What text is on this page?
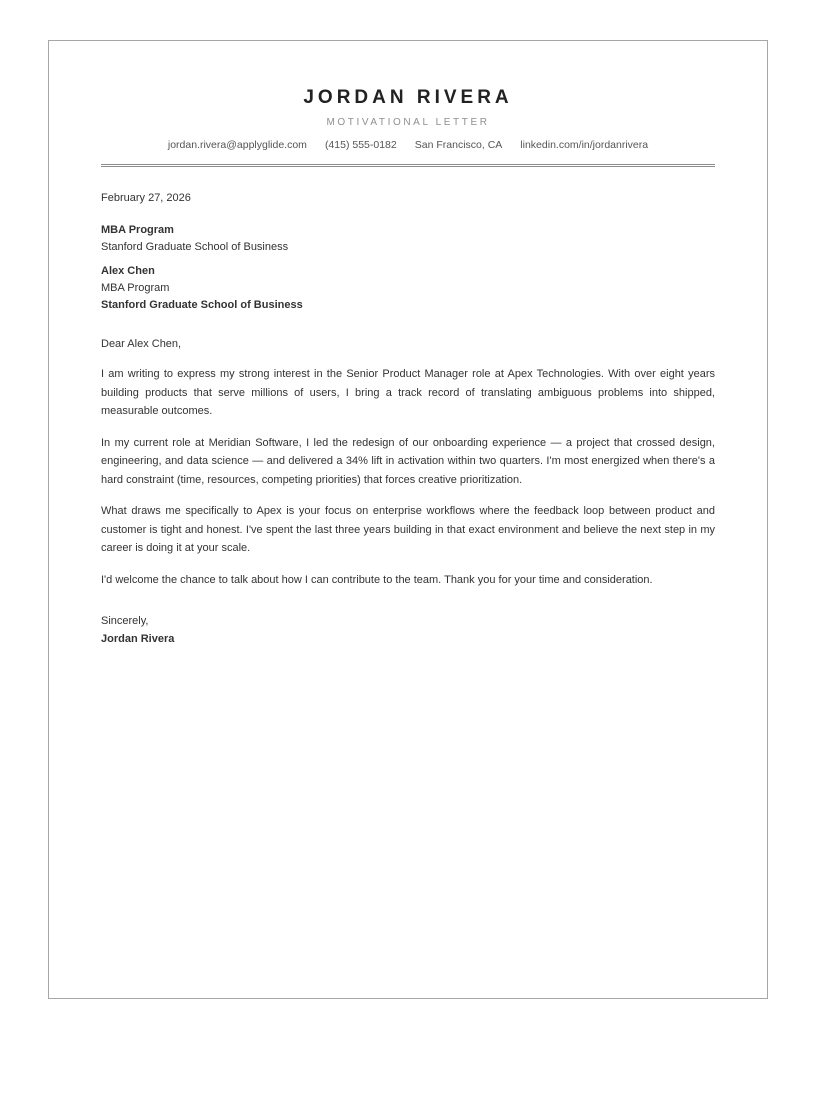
JORDAN RIVERA
MOTIVATIONAL LETTER
jordan.rivera@applyglide.com (415) 555-0182 San Francisco, CA linkedin.com/in/jordanrivera
February 27, 2026
MBA Program
Stanford Graduate School of Business
Alex Chen
MBA Program
Stanford Graduate School of Business
Dear Alex Chen,

I am writing to express my strong interest in the Senior Product Manager role at Apex Technologies. With over eight years building products that serve millions of users, I bring a track record of translating ambiguous problems into shipped, measurable outcomes.

In my current role at Meridian Software, I led the redesign of our onboarding experience — a project that crossed design, engineering, and data science — and delivered a 34% lift in activation within two quarters. I'm most energized when there's a hard constraint (time, resources, competing priorities) that forces creative prioritization.

What draws me specifically to Apex is your focus on enterprise workflows where the feedback loop between product and customer is tight and honest. I've spent the last three years building in that exact environment and believe the next step in my career is doing it at your scale.

I'd welcome the chance to talk about how I can contribute to the team. Thank you for your time and consideration.

Sincerely,
Jordan Rivera
